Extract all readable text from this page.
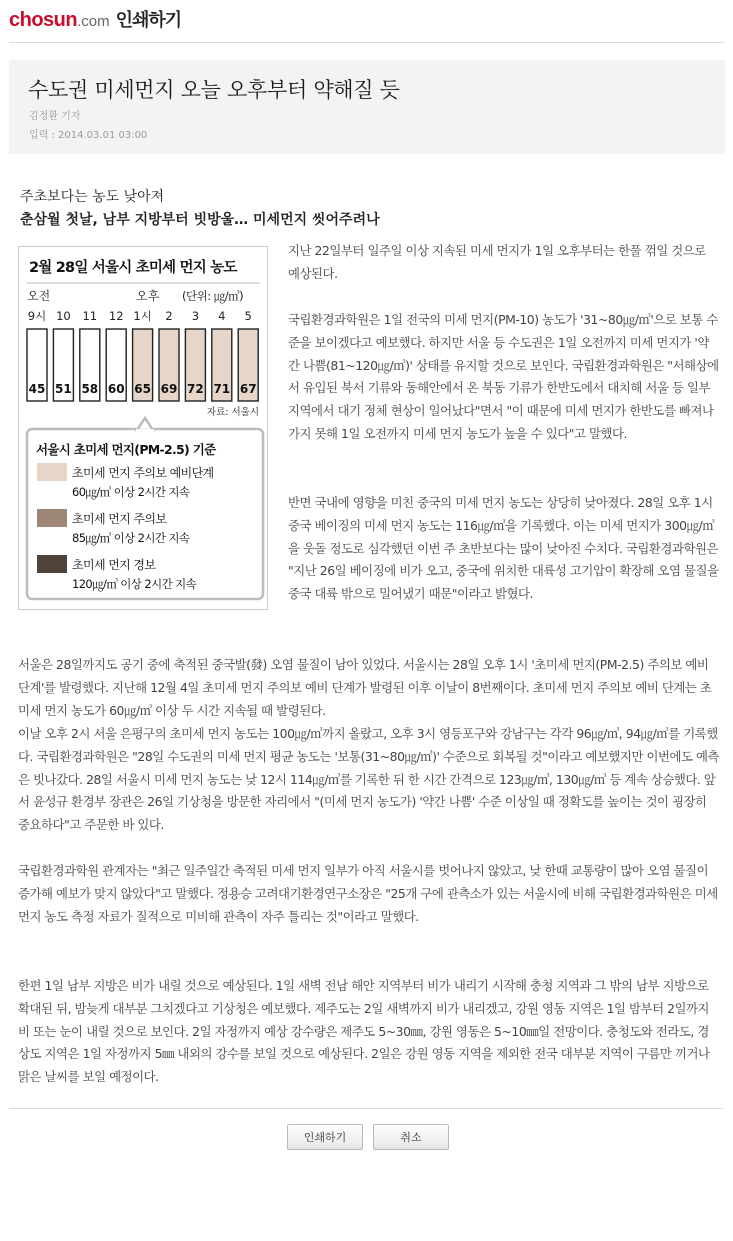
chosun .com 인쇄하기
수도권 미세먼지 오늘 오후부터 약해질 듯
김정환 기자
입력 : 2014.03.01 03:00
주초보다는 농도 낮아져
춘삼월 첫날, 남부 지방부터 빗방울… 미세먼지 씻어주려나
2월 28일 서울시 초미세 먼지 농도
오전	오후 (단위: ㎍/㎥)
9시
45
10
51
11
58
12
60
1시
65
2
69
3
72
4
71
5
67
자료: 서울시
서울시 초미세 먼지(PM-2.5) 기준
초미세 먼지 주의보 예비단계
60㎍/㎥ 이상 2시간 지속
초미세 먼지 주의보
85㎍/㎥ 이상 2시간 지속
초미세 먼지 경보
120㎍/㎥ 이상 2시간 지속

지난 22일부터 일주일 이상 지속된 미세 먼지가 1일 오후부터는 한풀 꺾일 것으로 예상된다.

국립환경과학원은 1일 전국의 미세 먼지(PM-10) 농도가 '31~80㎍/㎥'으로 보통 수준을 보이겠다고 예보했다. 하지만 서울 등 수도권은 1일 오전까지 미세 먼지가 '약간 나쁨(81~120㎍/㎥)' 상태를 유지할 것으로 보인다. 국립환경과학원은 "서해상에서 유입된 북서 기류와 동해안에서 온 북동 기류가 한반도에서 대치해 서울 등 일부 지역에서 대기 정체 현상이 일어났다"면서 "이 때문에 미세 먼지가 한반도를 빠져나가지 못해 1일 오전까지 미세 먼지 농도가 높을 수 있다"고 말했다.

반면 국내에 영향을 미친 중국의 미세 먼지 농도는 상당히 낮아졌다. 28일 오후 1시 중국 베이징의 미세 먼지 농도는 116㎍/㎥을 기록했다. 이는 미세 먼지가 300㎍/㎥을 웃돌 정도로 심각했던 이번 주 초반보다는 많이 낮아진 수치다. 국립환경과학원은 "지난 26일 베이징에 비가 오고, 중국에 위치한 대륙성 고기압이 확장해 오염 물질을 중국 대륙 밖으로 밀어냈기 때문"이라고 밝혔다.

서울은 28일까지도 공기 중에 축적된 중국발(發) 오염 물질이 남아 있었다. 서울시는 28일 오후 1시 '초미세 먼지(PM-2.5) 주의보 예비 단계'를 발령했다. 지난해 12월 4일 초미세 먼지 주의보 예비 단계가 발령된 이후 이날이 8번째이다. 초미세 먼지 주의보 예비 단계는 초미세 먼지 농도가 60㎍/㎥ 이상 두 시간 지속될 때 발령된다.

이날 오후 2시 서울 은평구의 초미세 먼지 농도는 100㎍/㎥까지 올랐고, 오후 3시 영등포구와 강남구는 각각 96㎍/㎥, 94㎍/㎥를 기록했다. 국립환경과학원은 "28일 수도권의 미세 먼지 평균 농도는 '보통(31~80㎍/㎥)' 수준으로 회복될 것"이라고 예보했지만 이번에도 예측은 빗나갔다. 28일 서울시 미세 먼지 농도는 낮 12시 114㎍/㎥를 기록한 뒤 한 시간 간격으로 123㎍/㎥, 130㎍/㎥ 등 계속 상승했다. 앞서 윤성규 환경부 장관은 26일 기상청을 방문한 자리에서 "(미세 먼지 농도가) '약간 나쁨' 수준 이상일 때 정확도를 높이는 것이 굉장히 중요하다"고 주문한 바 있다.

국립환경과학원 관계자는 "최근 일주일간 축적된 미세 먼지 일부가 아직 서울시를 벗어나지 않았고, 낮 한때 교통량이 많아 오염 물질이 증가해 예보가 맞지 않았다"고 말했다. 정용승 고려대기환경연구소장은 "25개 구에 관측소가 있는 서울시에 비해 국립환경과학원은 미세 먼지 농도 측정 자료가 질적으로 미비해 관측이 자주 틀리는 것"이라고 말했다.

한편 1일 남부 지방은 비가 내릴 것으로 예상된다. 1일 새벽 전남 해안 지역부터 비가 내리기 시작해 충청 지역과 그 밖의 남부 지방으로 확대된 뒤, 밤늦게 대부분 그치겠다고 기상청은 예보했다. 제주도는 2일 새벽까지 비가 내리겠고, 강원 영동 지역은 1일 밤부터 2일까지 비 또는 눈이 내릴 것으로 보인다. 2일 자정까지 예상 강수량은 제주도 5~30㎜, 강원 영동은 5~10㎜일 전망이다. 충청도와 전라도, 경상도 지역은 1일 자정까지 5㎜ 내외의 강수를 보일 것으로 예상된다. 2일은 강원 영동 지역을 제외한 전국 대부분 지역이 구름만 끼거나 맑은 날씨를 보일 예정이다.

인쇄하기	취소
